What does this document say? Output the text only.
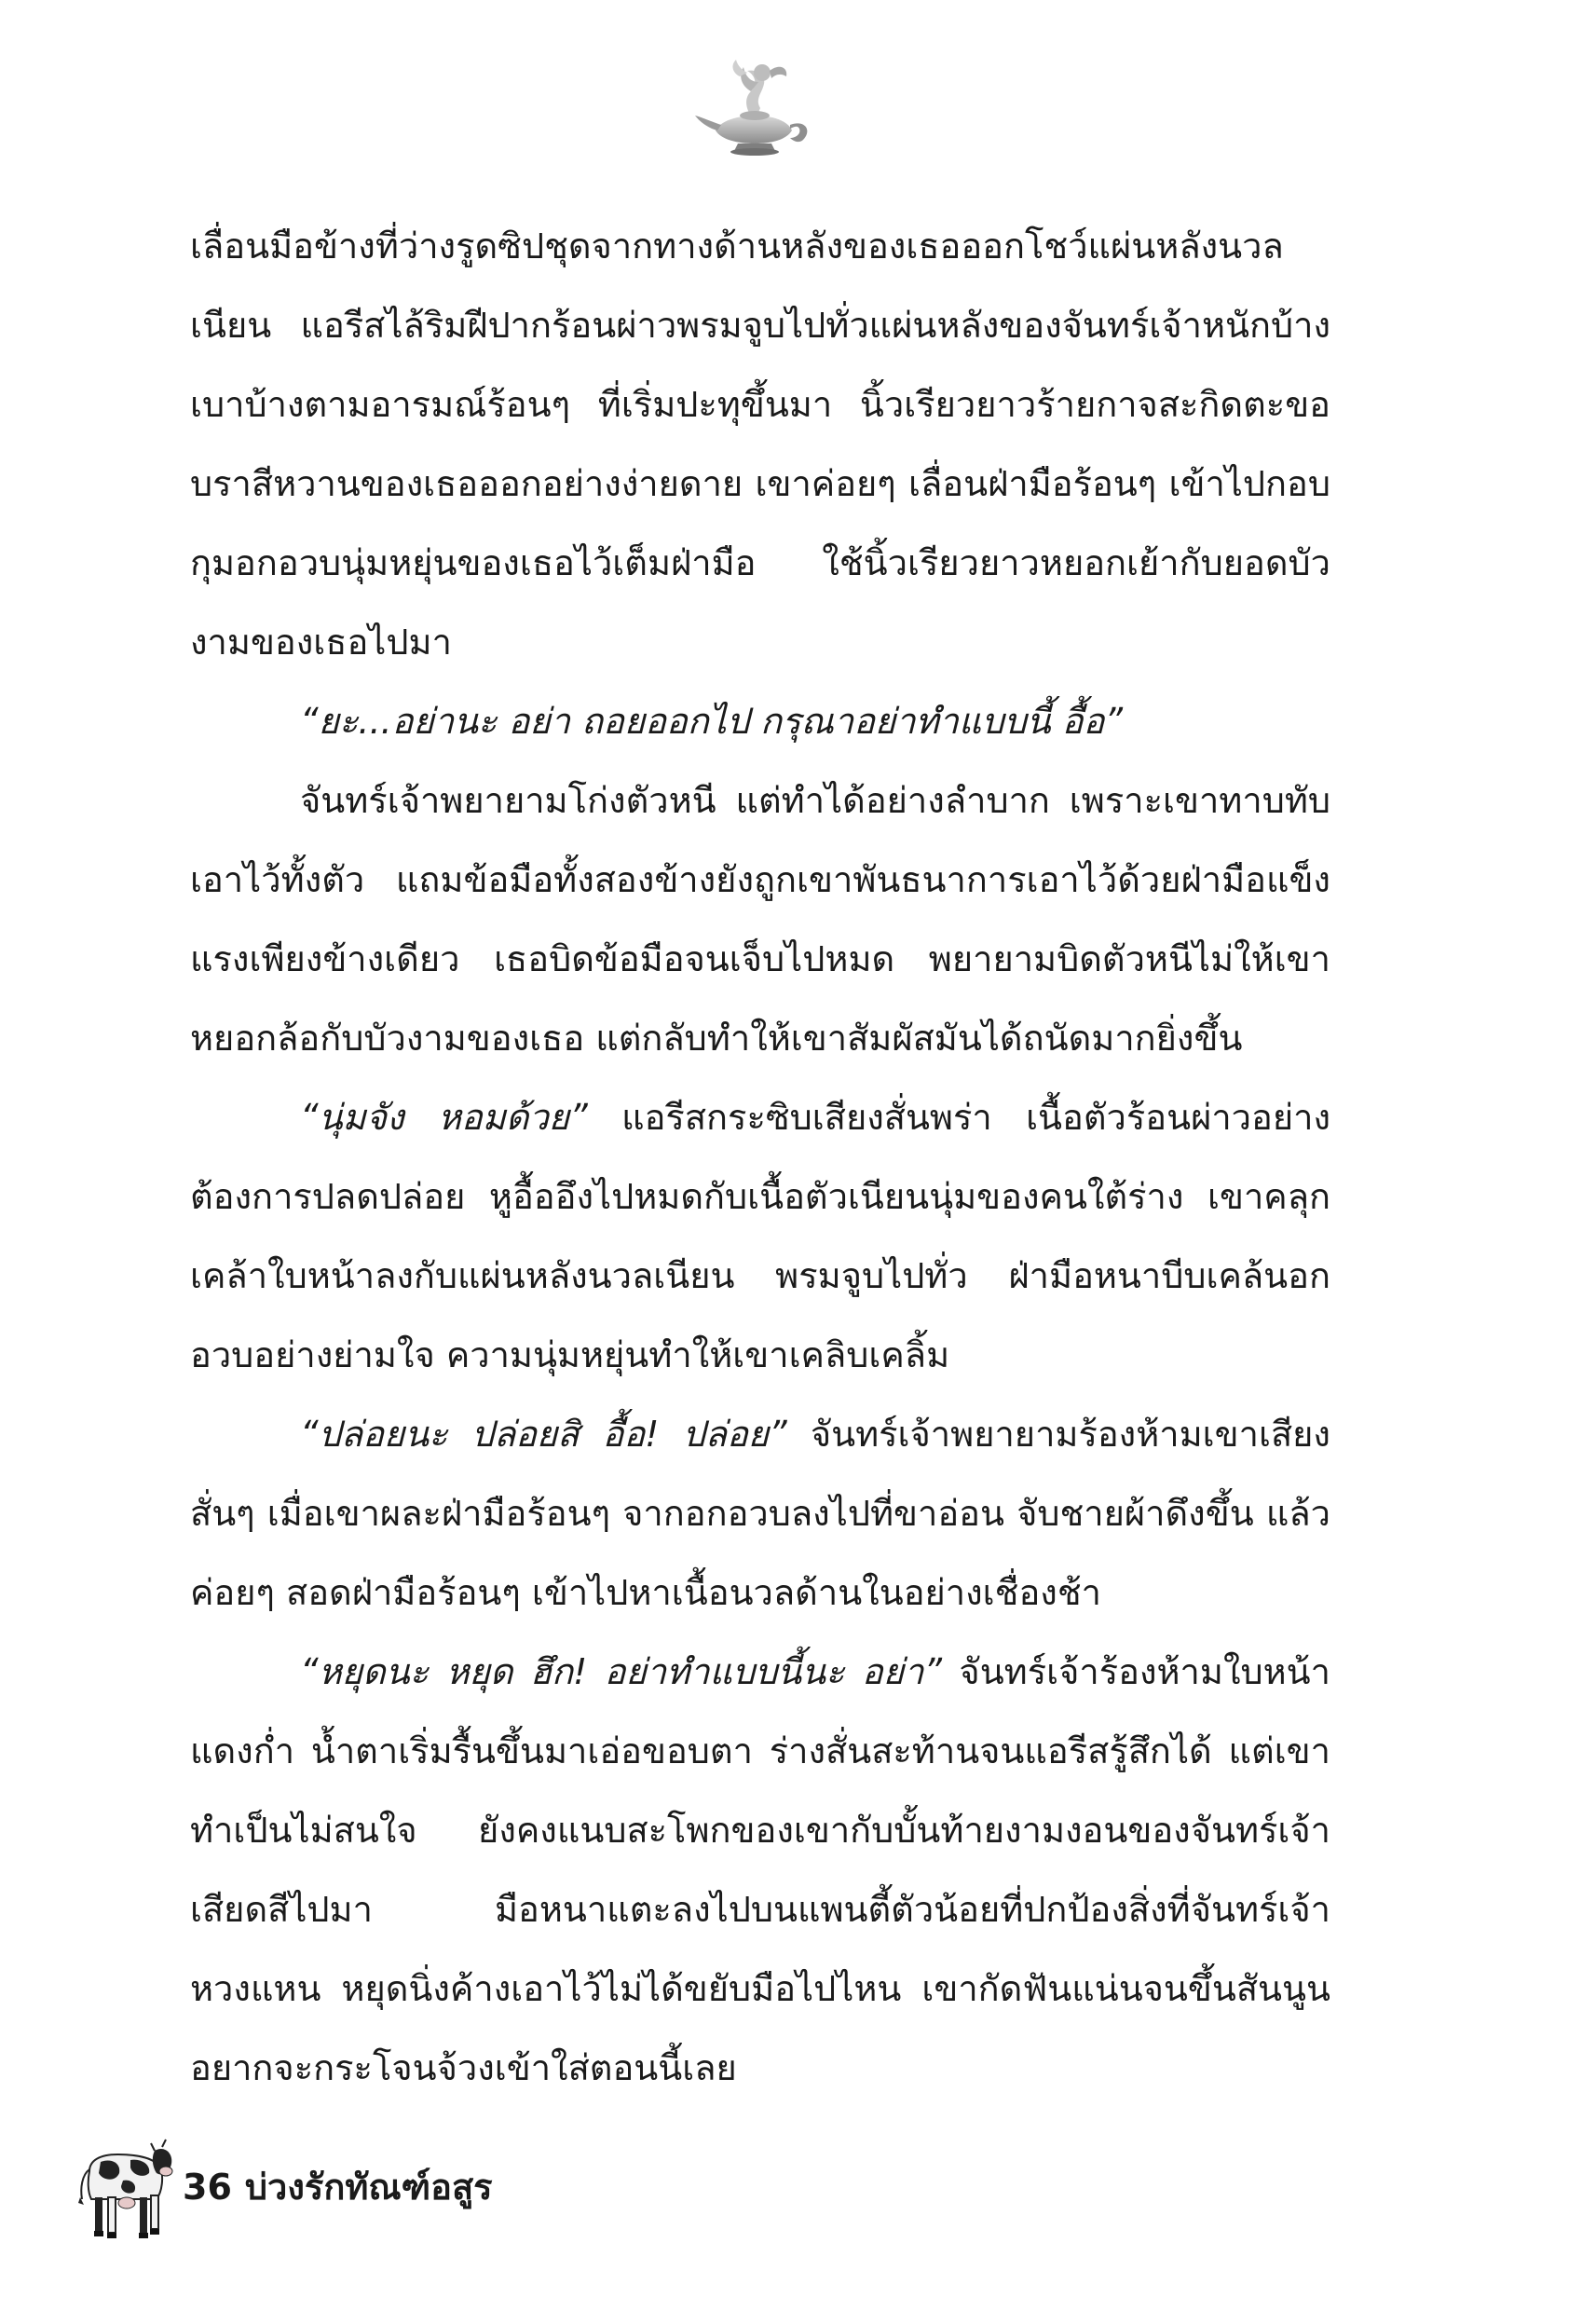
เลื่อนมือข้างที่ว่างรูดซิปชุดจากทางด้านหลังของเธอออกโชว์แผ่นหลังนวลเนียน แอรีสไล้ริมฝีปากร้อนผ่าวพรมจูบไปทั่วแผ่นหลังของจันทร์เจ้าหนักบ้างเบาบ้างตามอารมณ์ร้อนๆ ที่เริ่มปะทุขึ้นมา นิ้วเรียวยาวร้ายกาจสะกิดตะขอบราสีหวานของเธอออกอย่างง่ายดาย เขาค่อยๆ เลื่อนฝ่ามือร้อนๆ เข้าไปกอบกุมอกอวบนุ่มหยุ่นของเธอไว้เต็มฝ่ามือ ใช้นิ้วเรียวยาวหยอกเย้ากับยอดบัวงามของเธอไปมา

“ยะ...อย่านะ อย่า ถอยออกไป กรุณาอย่าทำแบบนี้ อื้อ”

จันทร์เจ้าพยายามโก่งตัวหนี แต่ทำได้อย่างลำบาก เพราะเขาทาบทับเอาไว้ทั้งตัว แถมข้อมือทั้งสองข้างยังถูกเขาพันธนาการเอาไว้ด้วยฝ่ามือแข็งแรงเพียงข้างเดียว เธอบิดข้อมือจนเจ็บไปหมด พยายามบิดตัวหนีไม่ให้เขาหยอกล้อกับบัวงามของเธอ แต่กลับทำให้เขาสัมผัสมันได้ถนัดมากยิ่งขึ้น

“นุ่มจัง หอมด้วย” แอรีสกระซิบเสียงสั่นพร่า เนื้อตัวร้อนผ่าวอย่างต้องการปลดปล่อย หูอื้ออึงไปหมดกับเนื้อตัวเนียนนุ่มของคนใต้ร่าง เขาคลุกเคล้าใบหน้าลงกับแผ่นหลังนวลเนียน พรมจูบไปทั่ว ฝ่ามือหนาบีบเคล้นอกอวบอย่างย่ามใจ ความนุ่มหยุ่นทำให้เขาเคลิบเคลิ้ม

“ปล่อยนะ ปล่อยสิ อื้อ! ปล่อย” จันทร์เจ้าพยายามร้องห้ามเขาเสียงสั่นๆ เมื่อเขาผละฝ่ามือร้อนๆ จากอกอวบลงไปที่ขาอ่อน จับชายผ้าดึงขึ้น แล้วค่อยๆ สอดฝ่ามือร้อนๆ เข้าไปหาเนื้อนวลด้านในอย่างเชื่องช้า

“หยุดนะ หยุด ฮึก! อย่าทำแบบนี้นะ อย่า” จันทร์เจ้าร้องห้ามใบหน้าแดงก่ำ น้ำตาเริ่มรื้นขึ้นมาเอ่อขอบตา ร่างสั่นสะท้านจนแอรีสรู้สึกได้ แต่เขาทำเป็นไม่สนใจ ยังคงแนบสะโพกของเขากับบั้นท้ายงามงอนของจันทร์เจ้า เสียดสีไปมา มือหนาแตะลงไปบนแพนตี้ตัวน้อยที่ปกป้องสิ่งที่จันทร์เจ้าหวงแหน หยุดนิ่งค้างเอาไว้ไม่ได้ขยับมือไปไหน เขากัดฟันแน่นจนขึ้นสันนูน อยากจะกระโจนจ้วงเข้าใส่ตอนนี้เลย

36 บ่วงรักทัณฑ์อสูร
